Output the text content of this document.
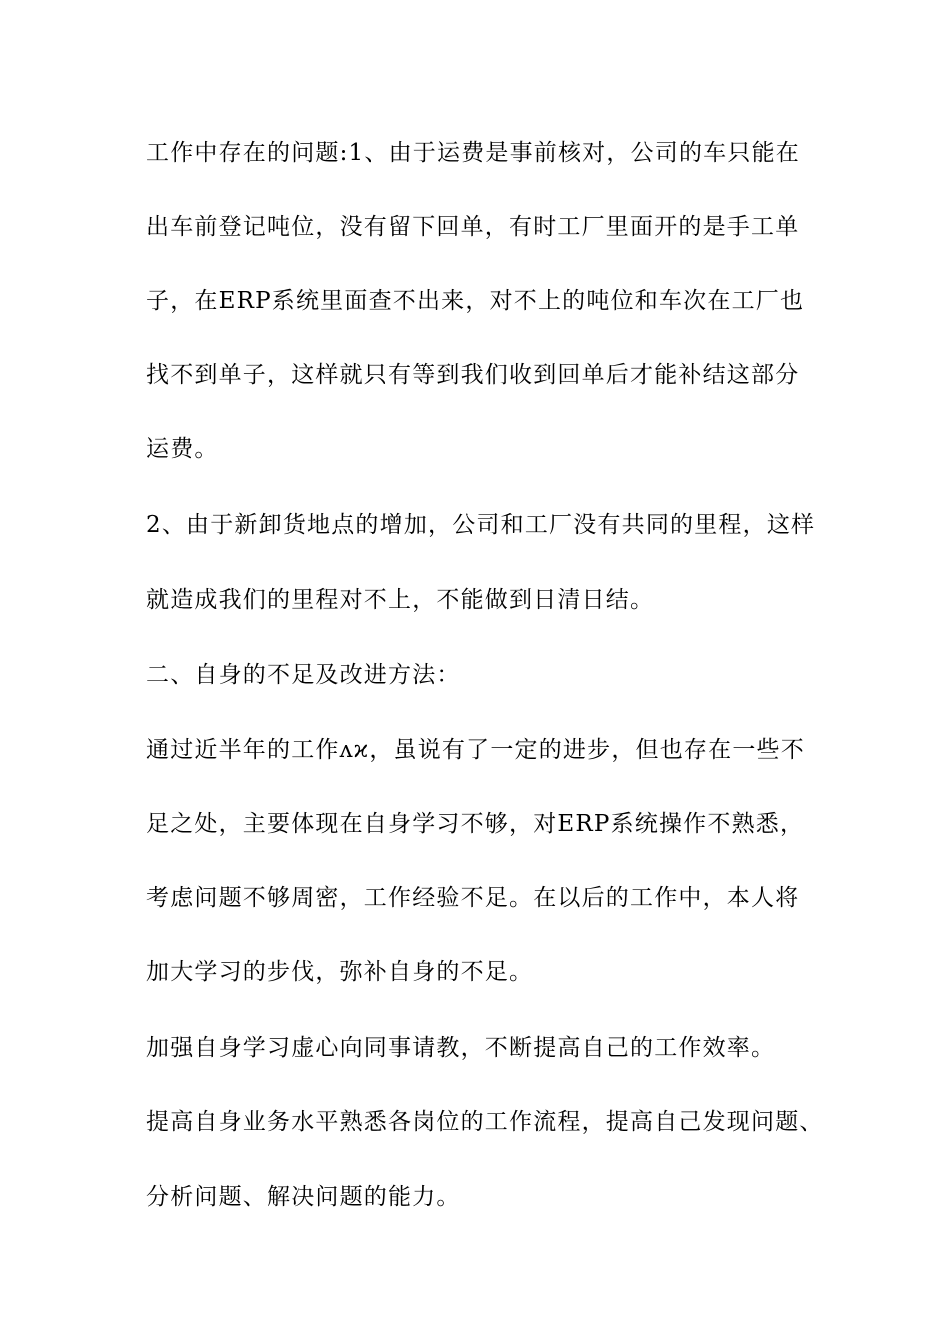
工作中存在的问题:1、由于运费是事前核对，公司的车只能在
出车前登记吨位，没有留下回单，有时工厂里面开的是手工单
子，在ERP系统里面查不出来，对不上的吨位和车次在工厂也
找不到单子，这样就只有等到我们收到回单后才能补结这部分
运费。
2、由于新卸货地点的增加，公司和工厂没有共同的里程，这样
就造成我们的里程对不上，不能做到日清日结。
二、自身的不足及改进方法：
通过近半年的工作ᴧϰ，虽说有了一定的进步，但也存在一些不
足之处，主要体现在自身学习不够，对ERP系统操作不熟悉，
考虑问题不够周密，工作经验不足。在以后的工作中，本人将
加大学习的步伐，弥补自身的不足。
加强自身学习虚心向同事请教，不断提高自己的工作效率。
提高自身业务水平熟悉各岗位的工作流程，提高自己发现问题、
分析问题、解决问题的能力。
